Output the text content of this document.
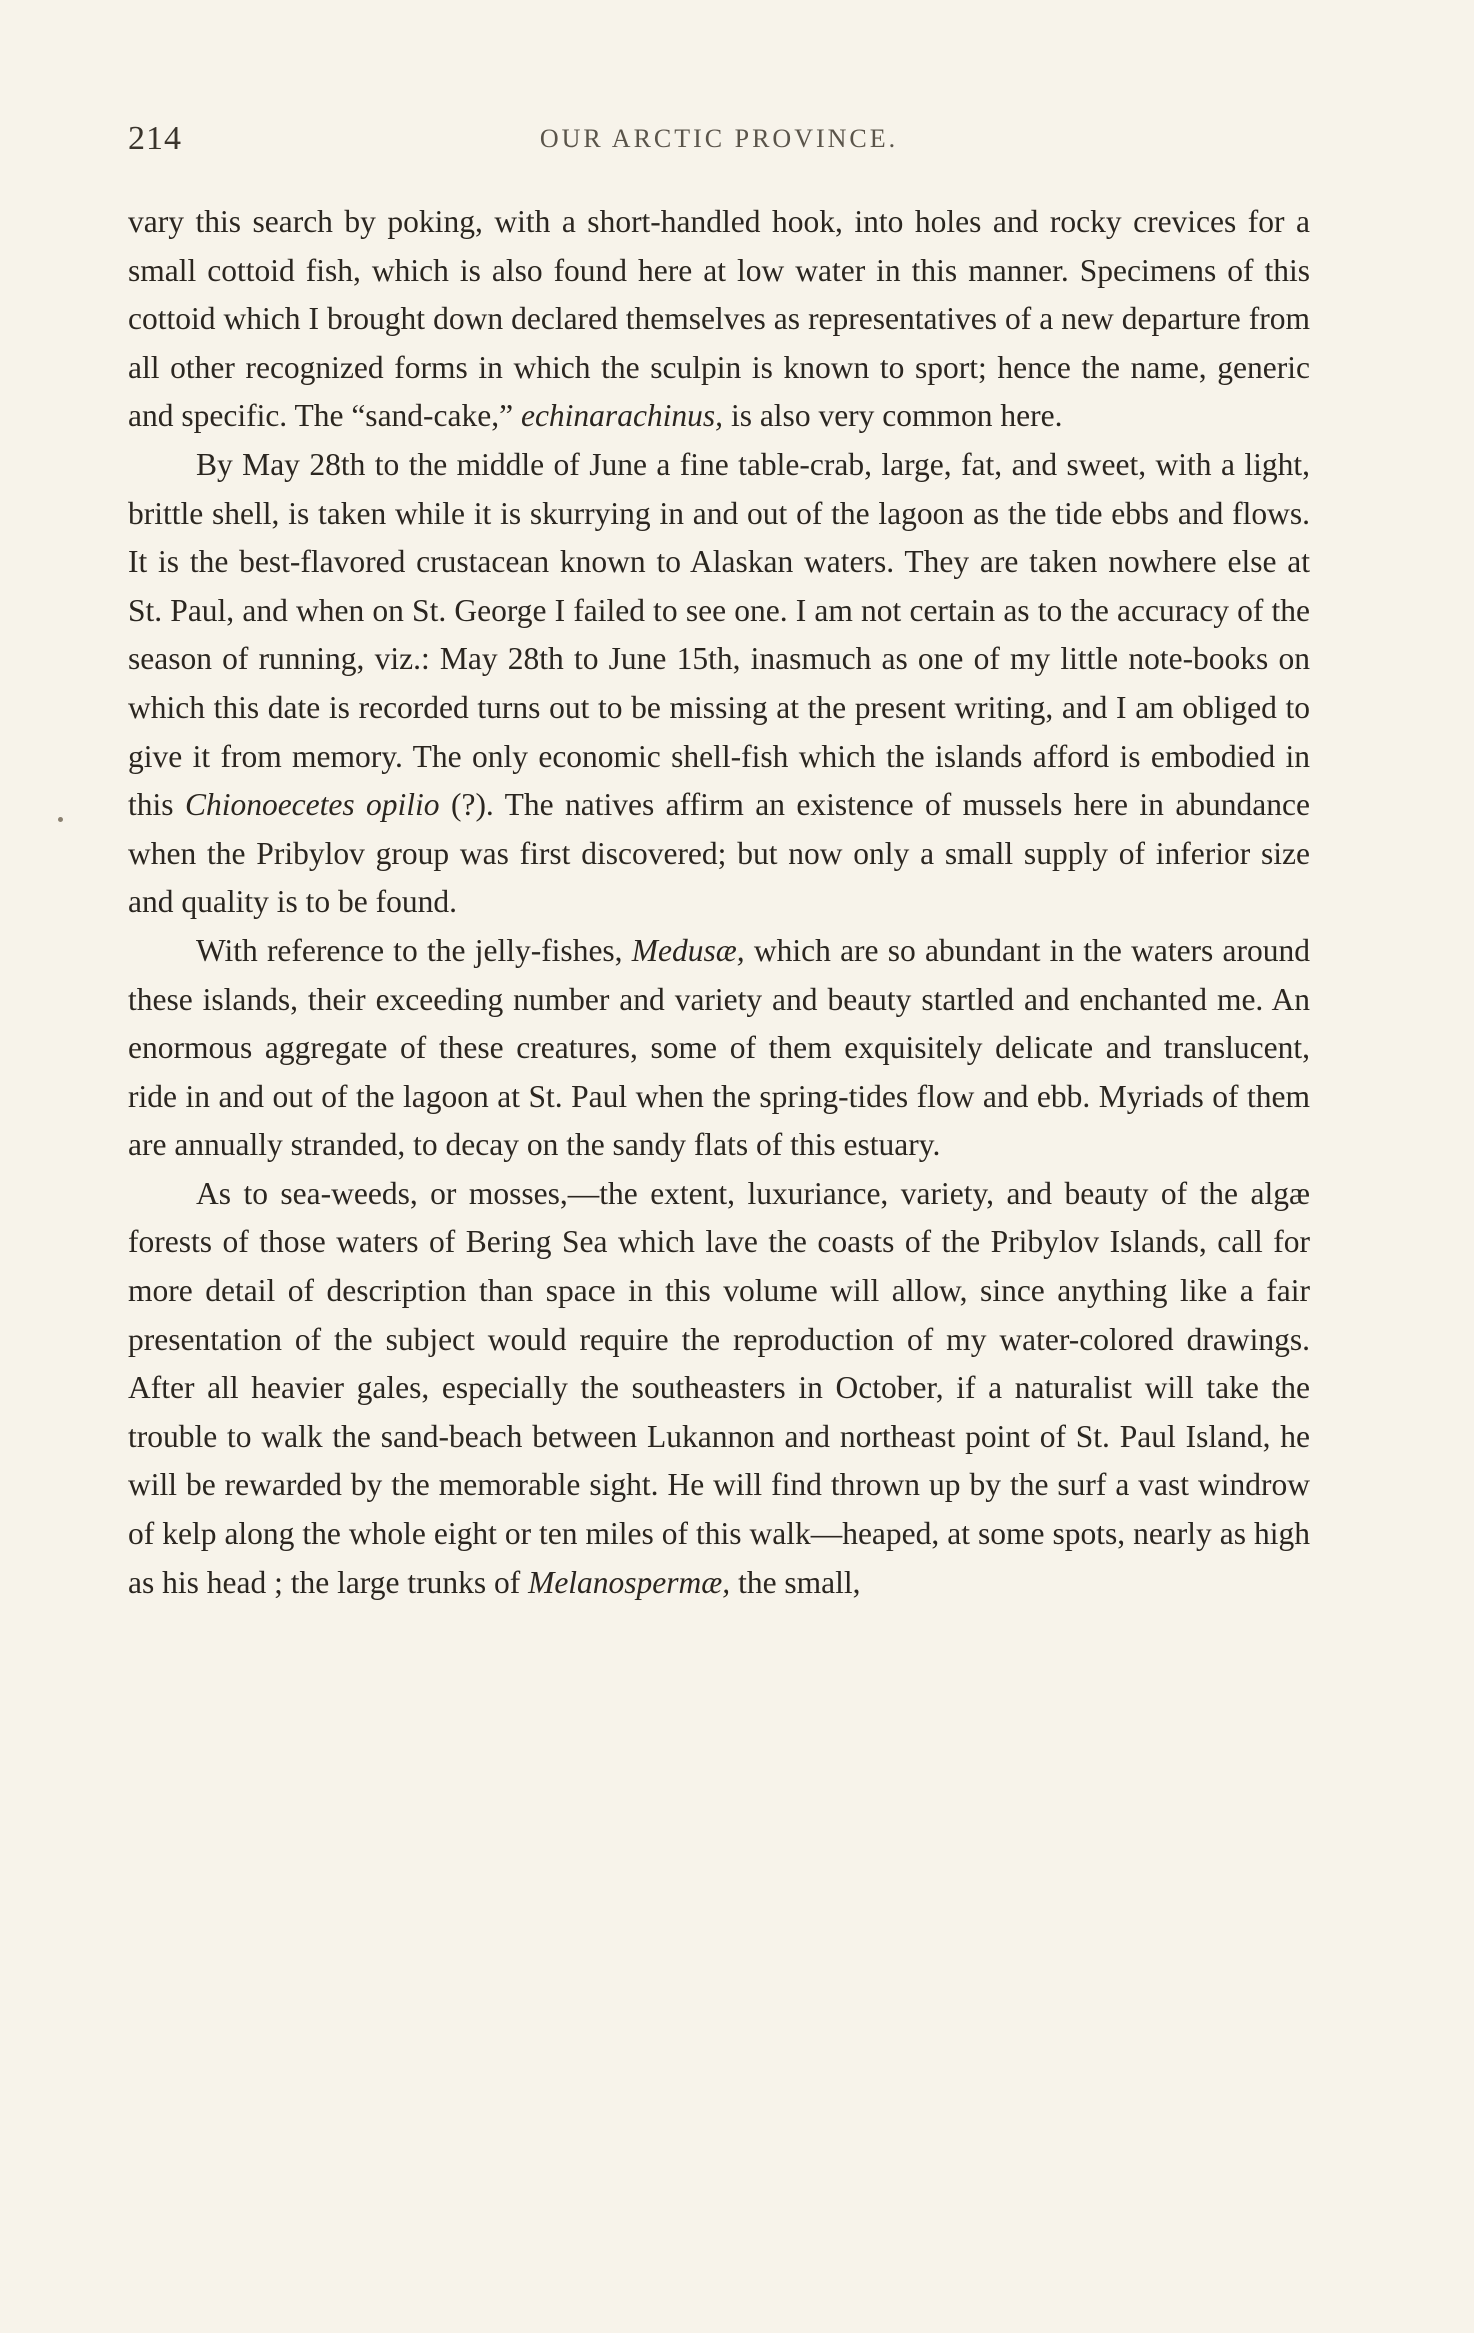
214	OUR ARCTIC PROVINCE.

vary this search by poking, with a short-handled hook, into holes and rocky crevices for a small cottoid fish, which is also found here at low water in this manner. Specimens of this cottoid which I brought down declared themselves as representatives of a new departure from all other recognized forms in which the sculpin is known to sport; hence the name, generic and specific. The “sand-cake,” echinarachinus, is also very common here.

By May 28th to the middle of June a fine table-crab, large, fat, and sweet, with a light, brittle shell, is taken while it is skurrying in and out of the lagoon as the tide ebbs and flows. It is the best-flavored crustacean known to Alaskan waters. They are taken nowhere else at St. Paul, and when on St. George I failed to see one. I am not certain as to the accuracy of the season of running, viz.: May 28th to June 15th, inasmuch as one of my little note-books on which this date is recorded turns out to be missing at the present writing, and I am obliged to give it from memory. The only economic shell-fish which the islands afford is embodied in this Chionoecetes opilio (?). The natives affirm an existence of mussels here in abundance when the Pribylov group was first discovered; but now only a small supply of inferior size and quality is to be found.

With reference to the jelly-fishes, Medusæ, which are so abundant in the waters around these islands, their exceeding number and variety and beauty startled and enchanted me. An enormous aggregate of these creatures, some of them exquisitely delicate and translucent, ride in and out of the lagoon at St. Paul when the spring-tides flow and ebb. Myriads of them are annually stranded, to decay on the sandy flats of this estuary.

As to sea-weeds, or mosses,—the extent, luxuriance, variety, and beauty of the algæ forests of those waters of Bering Sea which lave the coasts of the Pribylov Islands, call for more detail of description than space in this volume will allow, since anything like a fair presentation of the subject would require the reproduction of my water-colored drawings. After all heavier gales, especially the southeasters in October, if a naturalist will take the trouble to walk the sand-beach between Lukannon and northeast point of St. Paul Island, he will be rewarded by the memorable sight. He will find thrown up by the surf a vast windrow of kelp along the whole eight or ten miles of this walk—heaped, at some spots, nearly as high as his head ; the large trunks of Melanospermæ, the small,
